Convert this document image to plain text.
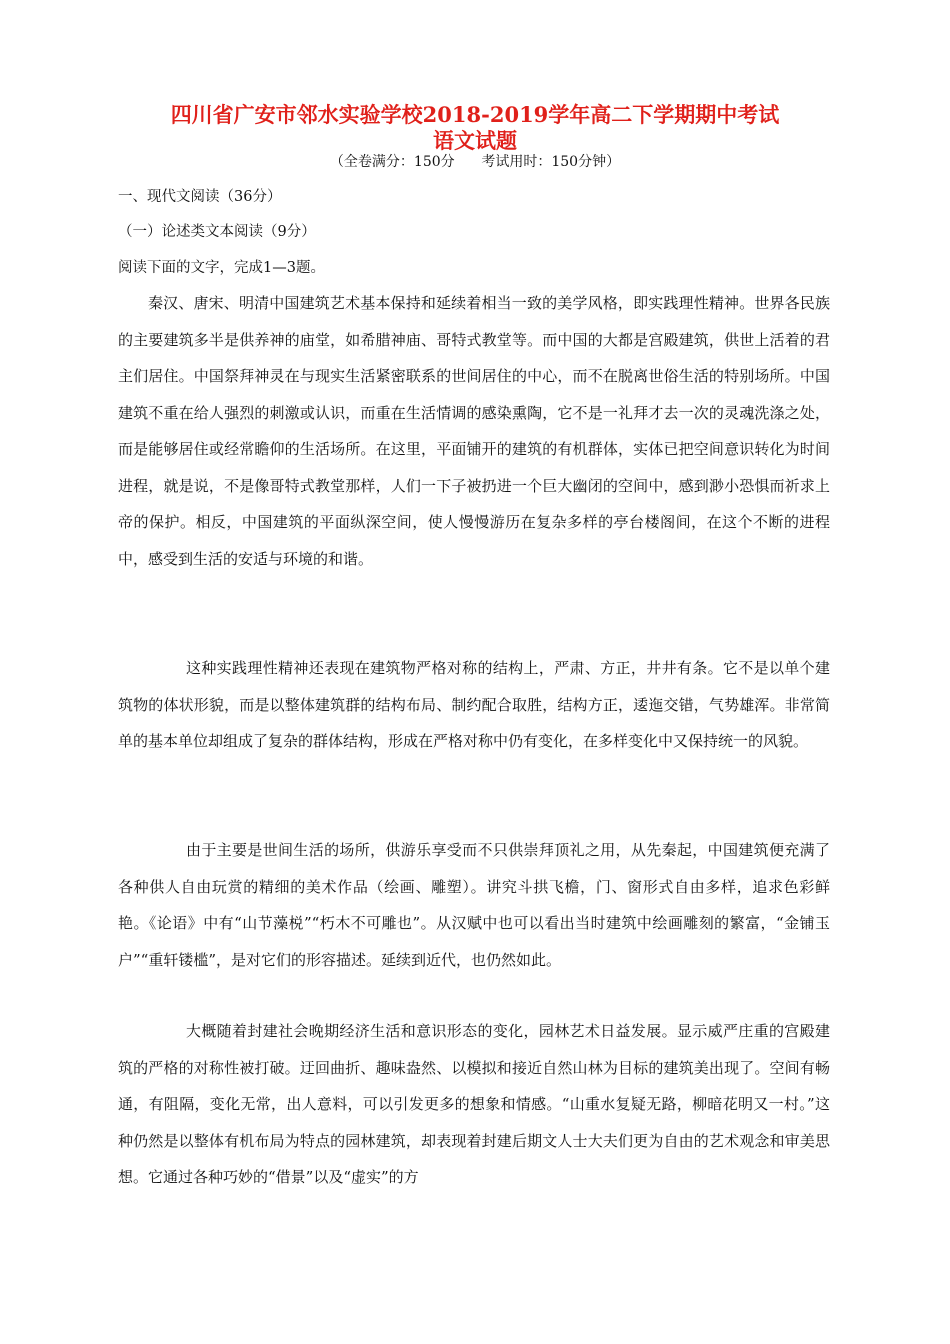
四川省广安市邻水实验学校2018-2019学年高二下学期期中考试
语文试题
（全卷满分：150分      考试用时：150分钟）
一、现代文阅读（36分）
（一）论述类文本阅读（9分）
阅读下面的文字，完成1—3题。

秦汉、唐宋、明清中国建筑艺术基本保持和延续着相当一致的美学风格，即实践理性精神。世界各民族的主要建筑多半是供养神的庙堂，如希腊神庙、哥特式教堂等。而中国的大都是宫殿建筑，供世上活着的君主们居住。中国祭拜神灵在与现实生活紧密联系的世间居住的中心，而不在脱离世俗生活的特别场所。中国建筑不重在给人强烈的刺激或认识，而重在生活情调的感染熏陶，它不是一礼拜才去一次的灵魂洗涤之处，而是能够居住或经常瞻仰的生活场所。在这里，平面铺开的建筑的有机群体，实体已把空间意识转化为时间进程，就是说，不是像哥特式教堂那样，人们一下子被扔进一个巨大幽闭的空间中，感到渺小恐惧而祈求上帝的保护。相反，中国建筑的平面纵深空间，使人慢慢游历在复杂多样的亭台楼阁间，在这个不断的进程中，感受到生活的安适与环境的和谐。

这种实践理性精神还表现在建筑物严格对称的结构上，严肃、方正，井井有条。它不是以单个建筑物的体状形貌，而是以整体建筑群的结构布局、制约配合取胜，结构方正，逶迤交错，气势雄浑。非常简单的基本单位却组成了复杂的群体结构，形成在严格对称中仍有变化，在多样变化中又保持统一的风貌。

由于主要是世间生活的场所，供游乐享受而不只供崇拜顶礼之用，从先秦起，中国建筑便充满了各种供人自由玩赏的精细的美术作品（绘画、雕塑）。讲究斗拱飞檐，门、窗形式自由多样，追求色彩鲜艳。《论语》中有“山节藻棁”“朽木不可雕也”。从汉赋中也可以看出当时建筑中绘画雕刻的繁富，“金铺玉户”“重轩镂槛”，是对它们的形容描述。延续到近代，也仍然如此。

大概随着封建社会晚期经济生活和意识形态的变化，园林艺术日益发展。显示威严庄重的宫殿建筑的严格的对称性被打破。迂回曲折、趣味盎然、以模拟和接近自然山林为目标的建筑美出现了。空间有畅通，有阻隔，变化无常，出人意料，可以引发更多的想象和情感。“山重水复疑无路，柳暗花明又一村。”这种仍然是以整体有机布局为特点的园林建筑，却表现着封建后期文人士大夫们更为自由的艺术观念和审美思想。它通过各种巧妙的“借景”以及“虚实”的方
